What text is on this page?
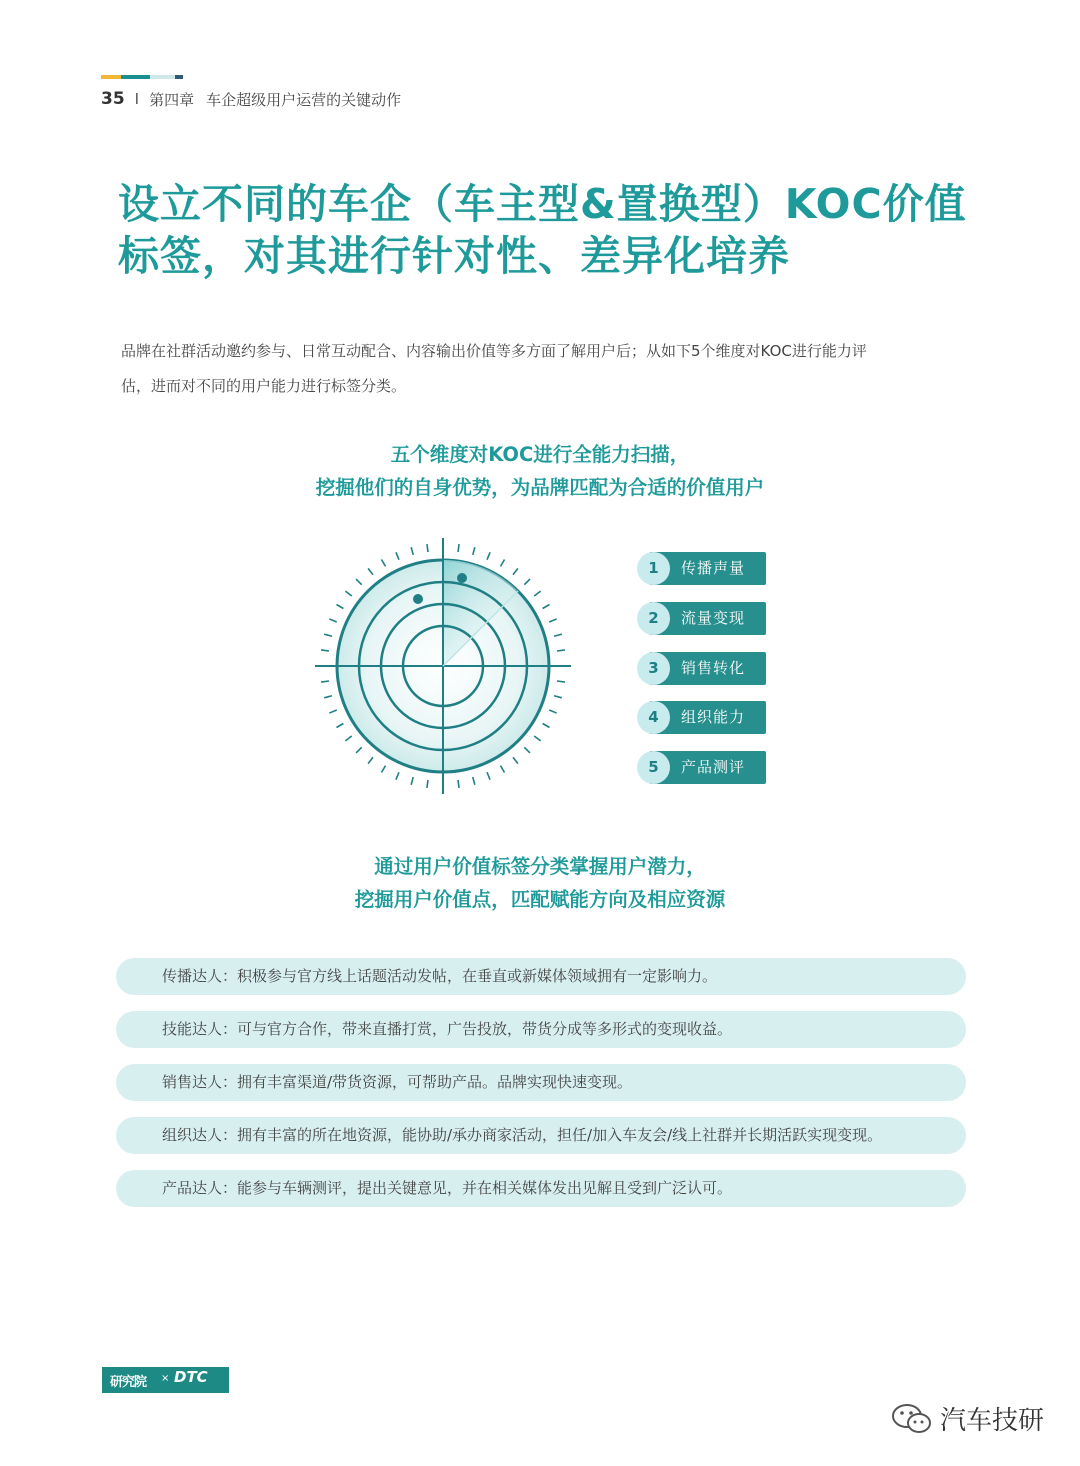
35 I 第四章 车企超级用户运营的关键动作
设立不同的车企（车主型&置换型）KOC价值
标签，对其进行针对性、差异化培养

品牌在社群活动邀约参与、日常互动配合、内容输出价值等多方面了解用户后；从如下5个维度对KOC进行能力评
估，进而对不同的用户能力进行标签分类。

五个维度对KOC进行全能力扫描，
挖掘他们的自身优势，为品牌匹配为合适的价值用户
传播声量
1
流量变现
2
销售转化
3
组织能力
4
产品测评
5
通过用户价值标签分类掌握用户潜力，
挖掘用户价值点，匹配赋能方向及相应资源
传播达人：积极参与官方线上话题活动发帖，在垂直或新媒体领域拥有一定影响力。
技能达人：可与官方合作，带来直播打赏，广告投放，带货分成等多形式的变现收益。
销售达人：拥有丰富渠道/带货资源，可帮助产品。品牌实现快速变现。
组织达人：拥有丰富的所在地资源，能协助/承办商家活动，担任/加入车友会/线上社群并长期活跃实现变现。
产品达人：能参与车辆测评，提出关键意见，并在相关媒体发出见解且受到广泛认可。
研究院 × DTC
汽车技研
